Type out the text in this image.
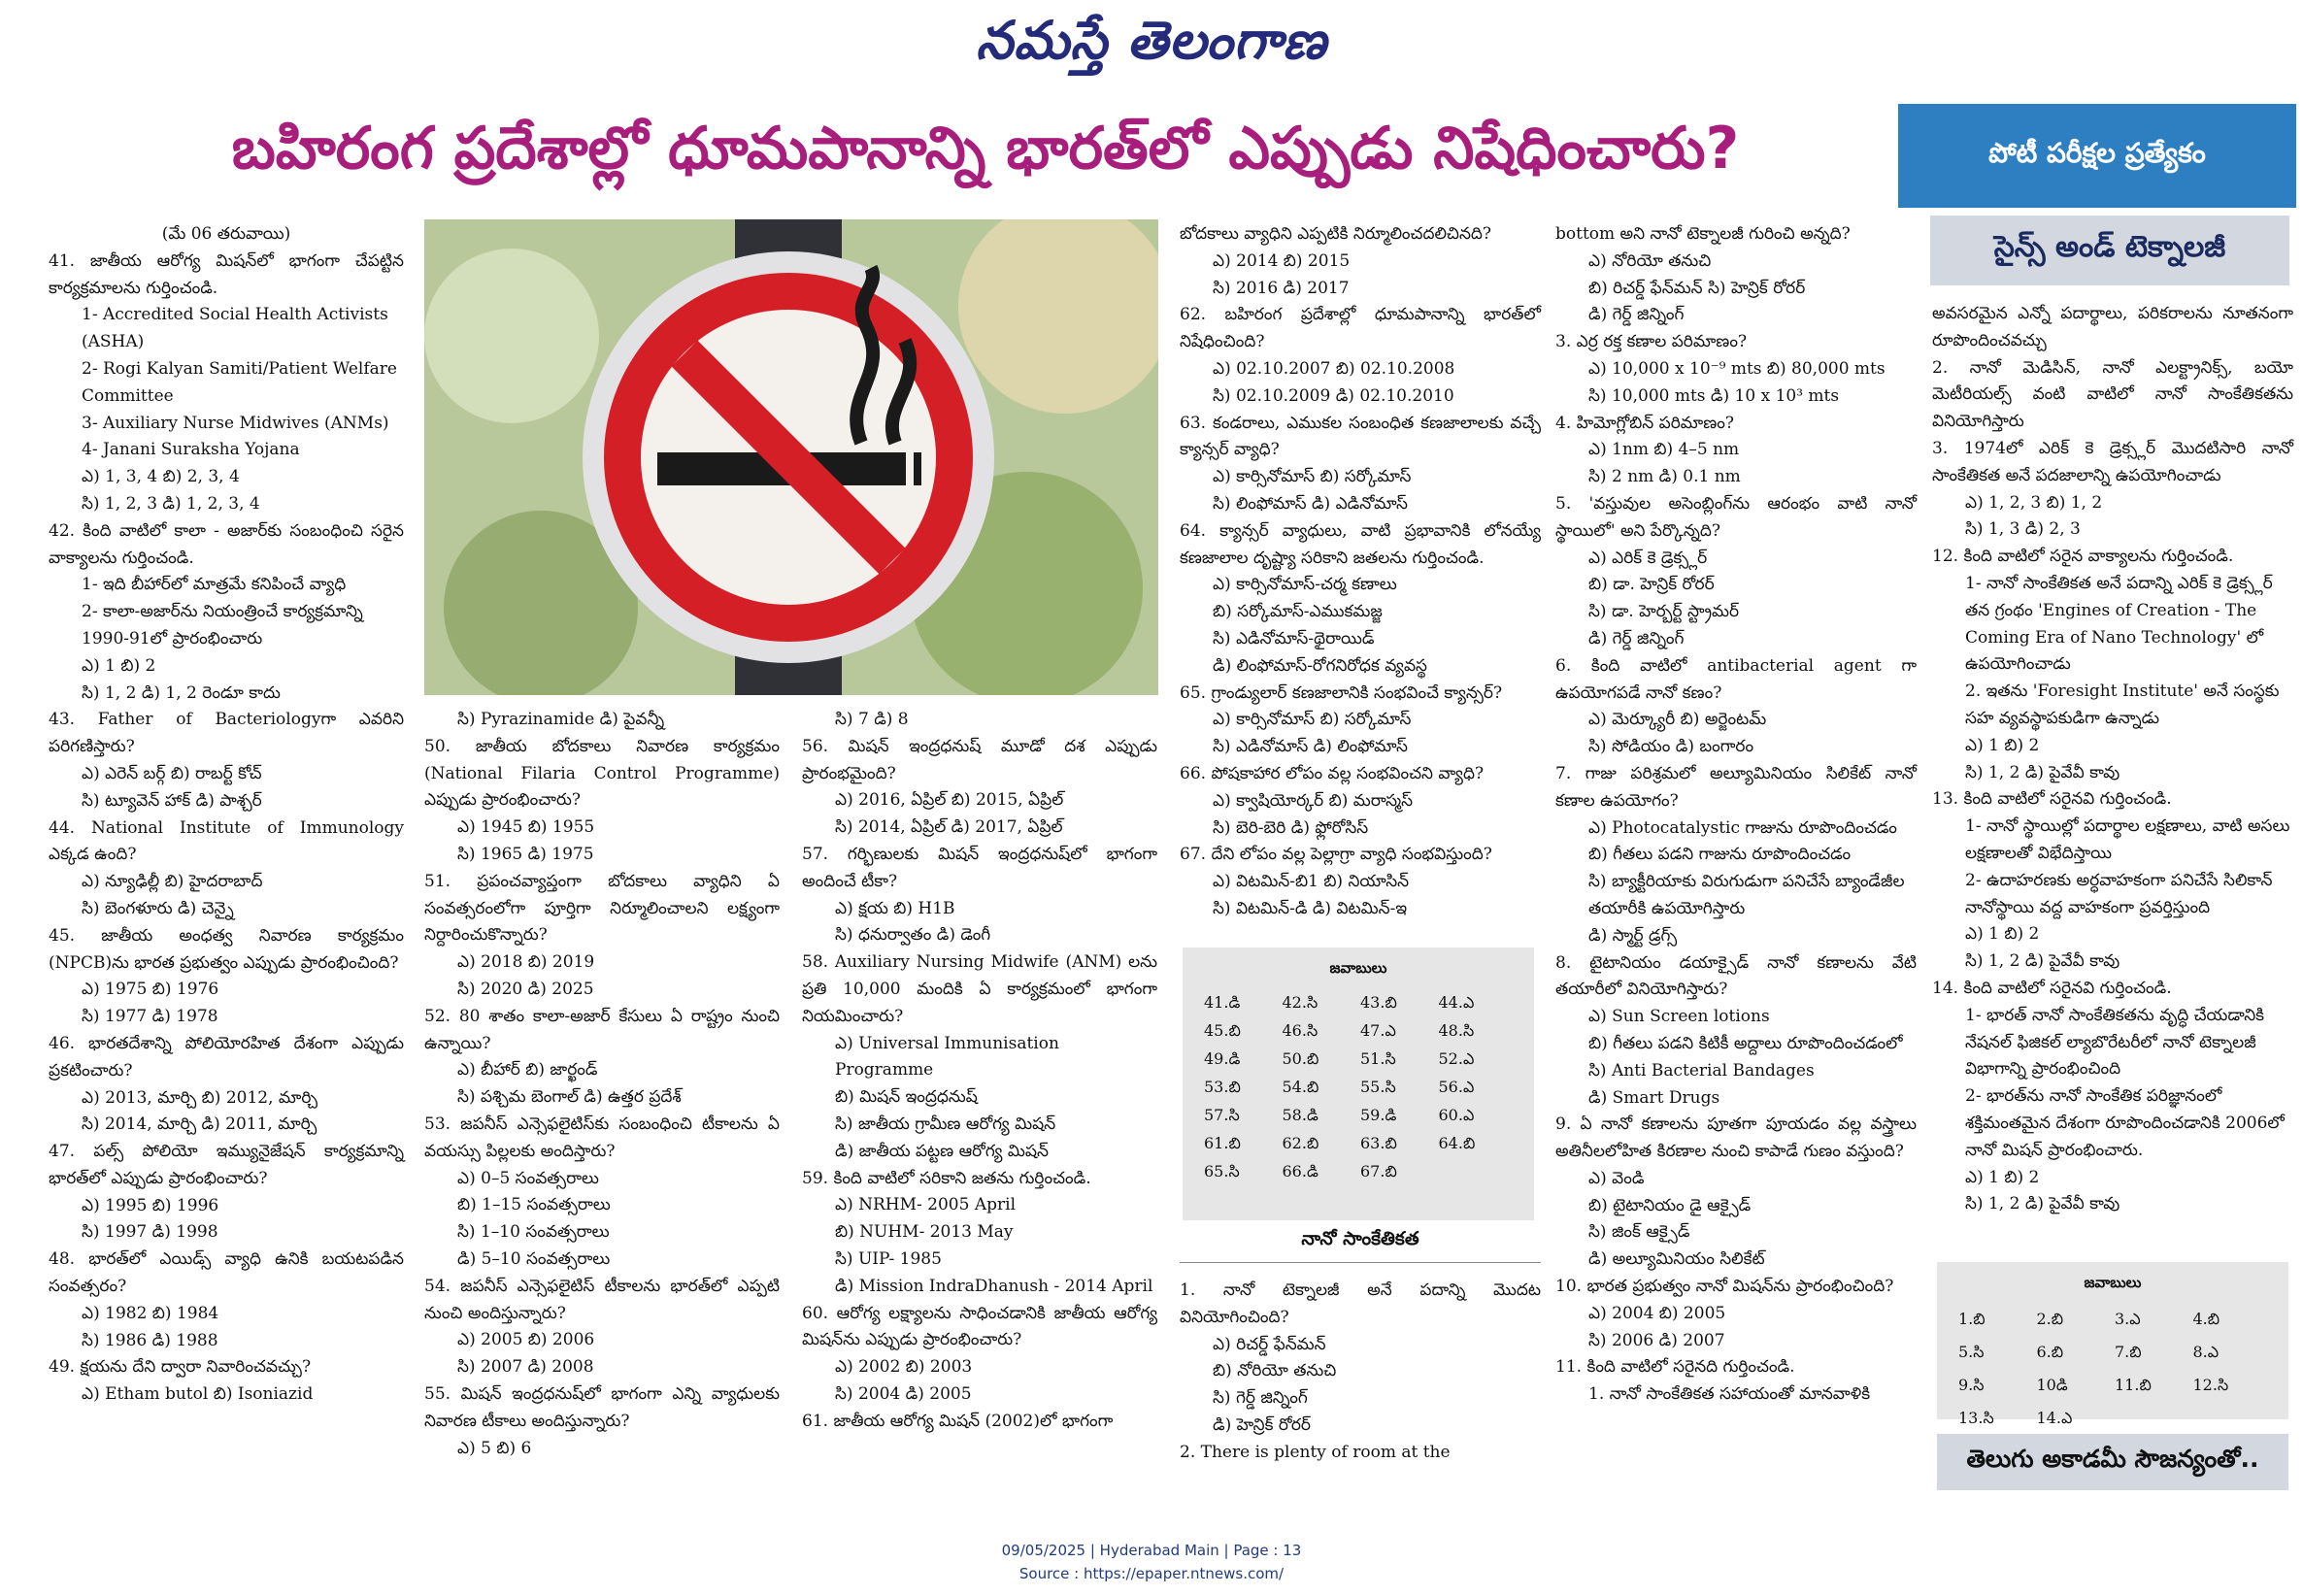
నమస్తే తెలంగాణ
బహిరంగ ప్రదేశాల్లో ధూమపానాన్ని భారత్‌లో ఎప్పుడు నిషేధించారు?	పోటీ పరీక్షల ప్రత్యేకం
సైన్స్ అండ్ టెక్నాలజీ
(మే 06 తరువాయి)
41. జాతీయ ఆరోగ్య మిషన్‌లో భాగంగా చేపట్టిన కార్యక్రమాలను గుర్తించండి.
1- Accredited Social Health Activists (ASHA)
2- Rogi Kalyan Samiti/Patient Welfare Committee
3- Auxiliary Nurse Midwives (ANMs)
4- Janani Suraksha Yojana
ఎ) 1, 3, 4 బి) 2, 3, 4
సి) 1, 2, 3 డి) 1, 2, 3, 4
42. కింది వాటిలో కాలా - అజార్‌కు సంబంధించి సరైన వాక్యాలను గుర్తించండి.
1- ఇది బీహార్‌లో మాత్రమే కనిపించే వ్యాధి
2- కాలా-అజార్‌ను నియంత్రించే కార్యక్రమాన్ని 1990-91లో ప్రారంభించారు
ఎ) 1 బి) 2
సి) 1, 2 డి) 1, 2 రెండూ కాదు
43. Father of Bacteriologyగా ఎవరిని పరిగణిస్తారు?
ఎ) ఎరెన్ బర్గ్ బి) రాబర్ట్ కోచ్
సి) ట్యూవెన్ హాక్ డి) పాశ్చర్
44. National Institute of Immunology ఎక్కడ ఉంది?
ఎ) న్యూఢిల్లీ బి) హైదరాబాద్
సి) బెంగళూరు డి) చెన్నై
45. జాతీయ అంధత్వ నివారణ కార్యక్రమం (NPCB)ను భారత ప్రభుత్వం ఎప్పుడు ప్రారంభించింది?
ఎ) 1975 బి) 1976
సి) 1977 డి) 1978
46. భారతదేశాన్ని పోలియోరహిత దేశంగా ఎప్పుడు ప్రకటించారు?
ఎ) 2013, మార్చి బి) 2012, మార్చి
సి) 2014, మార్చి డి) 2011, మార్చి
47. పల్స్ పోలియో ఇమ్యునైజేషన్ కార్యక్రమాన్ని భారత్‌లో ఎప్పుడు ప్రారంభించారు?
ఎ) 1995 బి) 1996
సి) 1997 డి) 1998
48. భారత్‌లో ఎయిడ్స్ వ్యాధి ఉనికి బయటపడిన సంవత్సరం?
ఎ) 1982 బి) 1984
సి) 1986 డి) 1988
49. క్షయను దేని ద్వారా నివారించవచ్చు?
ఎ) Etham butol బి) Isoniazid
సి) Pyrazinamide డి) పైవన్నీ
50. జాతీయ బోదకాలు నివారణ కార్యక్రమం (National Filaria Control Programme) ఎప్పుడు ప్రారంభించారు?
ఎ) 1945 బి) 1955
సి) 1965 డి) 1975
51. ప్రపంచవ్యాప్తంగా బోదకాలు వ్యాధిని ఏ సంవత్సరంలోగా పూర్తిగా నిర్మూలించాలని లక్ష్యంగా నిర్దారించుకొన్నారు?
ఎ) 2018 బి) 2019
సి) 2020 డి) 2025
52. 80 శాతం కాలా-అజార్ కేసులు ఏ రాష్ట్రం నుంచి ఉన్నాయి?
ఎ) బీహార్ బి) జార్ఖండ్
సి) పశ్చిమ బెంగాల్ డి) ఉత్తర ప్రదేశ్
53. జపనీస్ ఎన్సెఫలైటిస్‌కు సంబంధించి టీకాలను ఏ వయస్సు పిల్లలకు అందిస్తారు?
ఎ) 0–5 సంవత్సరాలు
బి) 1–15 సంవత్సరాలు
సి) 1–10 సంవత్సరాలు
డి) 5–10 సంవత్సరాలు
54. జపనీస్ ఎన్సెఫలైటిస్ టీకాలను భారత్‌లో ఎప్పటి నుంచి అందిస్తున్నారు?
ఎ) 2005 బి) 2006
సి) 2007 డి) 2008
55. మిషన్ ఇంద్రధనుష్‌లో భాగంగా ఎన్ని వ్యాధులకు నివారణ టీకాలు అందిస్తున్నారు?
ఎ) 5 బి) 6
సి) 7 డి) 8
56. మిషన్ ఇంద్రధనుష్ మూడో దశ ఎప్పుడు ప్రారంభమైంది?
ఎ) 2016, ఏప్రిల్ బి) 2015, ఏప్రిల్
సి) 2014, ఏప్రిల్ డి) 2017, ఏప్రిల్
57. గర్భిణులకు మిషన్ ఇంద్రధనుష్‌లో భాగంగా అందించే టీకా?
ఎ) క్షయ బి) H1B
సి) ధనుర్వాతం డి) డెంగీ
58. Auxiliary Nursing Midwife (ANM) లను ప్రతి 10,000 మందికి ఏ కార్యక్రమంలో భాగంగా నియమించారు?
ఎ) Universal Immunisation Programme
బి) మిషన్ ఇంద్రధనుష్
సి) జాతీయ గ్రామీణ ఆరోగ్య మిషన్
డి) జాతీయ పట్టణ ఆరోగ్య మిషన్
59. కింది వాటిలో సరికాని జతను గుర్తించండి.
ఎ) NRHM- 2005 April
బి) NUHM- 2013 May
సి) UIP- 1985
డి) Mission IndraDhanush - 2014 April
60. ఆరోగ్య లక్ష్యాలను సాధించడానికి జాతీయ ఆరోగ్య మిషన్‌ను ఎప్పుడు ప్రారంభించారు?
ఎ) 2002 బి) 2003
సి) 2004 డి) 2005
61. జాతీయ ఆరోగ్య మిషన్ (2002)లో భాగంగా
బోదకాలు వ్యాధిని ఎప్పటికి నిర్మూలించదలిచినది?
ఎ) 2014 బి) 2015
సి) 2016 డి) 2017
62. బహిరంగ ప్రదేశాల్లో ధూమపానాన్ని భారత్‌లో నిషేధించింది?
ఎ) 02.10.2007 బి) 02.10.2008
సి) 02.10.2009 డి) 02.10.2010
63. కండరాలు, ఎముకల సంబంధిత కణజాలాలకు వచ్చే క్యాన్సర్ వ్యాధి?
ఎ) కార్సినోమాస్ బి) సర్కోమాస్
సి) లింఫోమాస్ డి) ఎడినోమాస్
64. క్యాన్సర్ వ్యాధులు, వాటి ప్రభావానికి లోనయ్యే కణజాలాల దృష్ట్యా సరికాని జతలను గుర్తించండి.
ఎ) కార్సినోమాస్-చర్మ కణాలు
బి) సర్కోమాస్-ఎముకమజ్జ
సి) ఎడినోమాస్-థైరాయిడ్
డి) లింఫోమాస్-రోగనిరోధక వ్యవస్థ
65. గ్రాండ్యులార్ కణజాలానికి సంభవించే క్యాన్సర్?
ఎ) కార్సినోమాస్ బి) సర్కోమాస్
సి) ఎడినోమాస్ డి) లింఫోమాస్
66. పోషకాహార లోపం వల్ల సంభవించని వ్యాధి?
ఎ) క్వాషియోర్కర్ బి) మరాస్మస్
సి) బెరి-బెరి డి) ఫ్లోరోసిస్
67. దేని లోపం వల్ల పెల్లాగ్రా వ్యాధి సంభవిస్తుంది?
ఎ) విటమిన్-బి1 బి) నియాసిన్
సి) విటమిన్-డి డి) విటమిన్-ఇ
జవాబులు
41.డి	42.సి	43.బి	44.ఎ
45.బి	46.సి	47.ఎ	48.సి
49.డి	50.బి	51.సి	52.ఎ
53.బి	54.బి	55.సి	56.ఎ
57.సి	58.డి	59.డి	60.ఎ
61.బి	62.బి	63.బి	64.బి
65.సి	66.డి	67.బి
నానో సాంకేతికత
1. నానో టెక్నాలజీ అనే పదాన్ని మొదట వినియోగించింది?
ఎ) రిచర్డ్ ఫేన్‌మన్
బి) నోరియో తనుచి
సి) గెర్డ్ జిన్నింగ్
డి) హెన్రిక్ రోరర్
2. There is plenty of room at the
bottom అని నానో టెక్నాలజీ గురించి అన్నది?
ఎ) నోరియో తనుచి
బి) రిచర్డ్ ఫేన్‌మన్ సి) హెన్రిక్ రోరర్
డి) గెర్డ్ జిన్నింగ్
3. ఎర్ర రక్త కణాల పరిమాణం?
ఎ) 10,000 x 10⁻⁹ mts బి) 80,000 mts
సి) 10,000 mts డి) 10 x 10³ mts
4. హిమోగ్లోబిన్ పరిమాణం?
ఎ) 1nm బి) 4–5 nm
సి) 2 nm డి) 0.1 nm
5. 'వస్తువుల అసెంబ్లింగ్‌ను ఆరంభం వాటి నానో స్థాయిలో' అని పేర్కొన్నది?
ఎ) ఎరిక్ కె డ్రెక్స్లర్
బి) డా. హెన్రిక్ రోరర్
సి) డా. హెర్బర్ట్ స్ట్రామర్
డి) గెర్డ్ జిన్నింగ్
6. కింది వాటిలో antibacterial agent గా ఉపయోగపడే నానో కణం?
ఎ) మెర్క్యూరీ బి) అర్జెంటమ్
సి) సోడియం డి) బంగారం
7. గాజు పరిశ్రమలో అల్యూమినియం సిలికేట్ నానో కణాల ఉపయోగం?
ఎ) Photocatalystic గాజును రూపొందించడం
బి) గీతలు పడని గాజును రూపొందించడం
సి) బ్యాక్టీరియాకు విరుగుడుగా పనిచేసే బ్యాండేజీల తయారీకి ఉపయోగిస్తారు
డి) స్మార్ట్ డ్రగ్స్
8. టైటానియం డయాక్సైడ్ నానో కణాలను వేటి తయారీలో వినియోగిస్తారు?
ఎ) Sun Screen lotions
బి) గీతలు పడని కిటికీ అద్దాలు రూపొందించడంలో
సి) Anti Bacterial Bandages
డి) Smart Drugs
9. ఏ నానో కణాలను పూతగా పూయడం వల్ల వస్త్రాలు అతినీలలోహిత కిరణాల నుంచి కాపాడే గుణం వస్తుంది?
ఎ) వెండి
బి) టైటానియం డై ఆక్సైడ్
సి) జింక్ ఆక్సైడ్
డి) అల్యూమినియం సిలికేట్
10. భారత ప్రభుత్వం నానో మిషన్‌ను ప్రారంభించింది?
ఎ) 2004 బి) 2005
సి) 2006 డి) 2007
11. కింది వాటిలో సరైనది గుర్తించండి.
1. నానో సాంకేతికత సహాయంతో మానవాళికి
అవసరమైన ఎన్నో పదార్థాలు, పరికరాలను నూతనంగా రూపొందించవచ్చు
2. నానో మెడిసిన్, నానో ఎలక్ట్రానిక్స్, బయో మెటీరియల్స్ వంటి వాటిలో నానో సాంకేతికతను వినియోగిస్తారు
3. 1974లో ఎరిక్ కె డ్రెక్స్లర్ మొదటిసారి నానో సాంకేతికత అనే పదజాలాన్ని ఉపయోగించాడు
ఎ) 1, 2, 3 బి) 1, 2
సి) 1, 3 డి) 2, 3
12. కింది వాటిలో సరైన వాక్యాలను గుర్తించండి.
1- నానో సాంకేతికత అనే పదాన్ని ఎరిక్ కె డ్రెక్స్లర్ తన గ్రంథం 'Engines of Creation - The Coming Era of Nano Technology' లో ఉపయోగించాడు
2. ఇతను 'Foresight Institute' అనే సంస్థకు సహ వ్యవస్థాపకుడిగా ఉన్నాడు
ఎ) 1 బి) 2
సి) 1, 2 డి) పైవేవీ కావు
13. కింది వాటిలో సరైనవి గుర్తించండి.
1- నానో స్థాయిల్లో పదార్థాల లక్షణాలు, వాటి అసలు లక్షణాలతో విభేదిస్తాయి
2- ఉదాహరణకు అర్ధవాహకంగా పనిచేసే సిలికాన్ నానోస్థాయి వద్ద వాహకంగా ప్రవర్తిస్తుంది
ఎ) 1 బి) 2
సి) 1, 2 డి) పైవేవీ కావు
14. కింది వాటిలో సరైనవి గుర్తించండి.
1- భారత్ నానో సాంకేతికతను వృద్ధి చేయడానికి నేషనల్ ఫిజికల్ ల్యాబొరేటరీలో నానో టెక్నాలజీ విభాగాన్ని ప్రారంభించింది
2- భారత్‌ను నానో సాంకేతిక పరిజ్ఞానంలో శక్తిమంతమైన దేశంగా రూపొందించడానికి 2006లో నానో మిషన్ ప్రారంభించారు.
ఎ) 1 బి) 2
సి) 1, 2 డి) పైవేవీ కావు
జవాబులు
1.బి	2.బి	3.ఎ	4.బి
5.సి	6.బి	7.బి	8.ఎ
9.సి	10డి	11.బి	12.సి
13.సి	14.ఎ
తెలుగు అకాడమీ సౌజన్యంతో..
09/05/2025 | Hyderabad Main | Page : 13
Source : https://epaper.ntnews.com/
